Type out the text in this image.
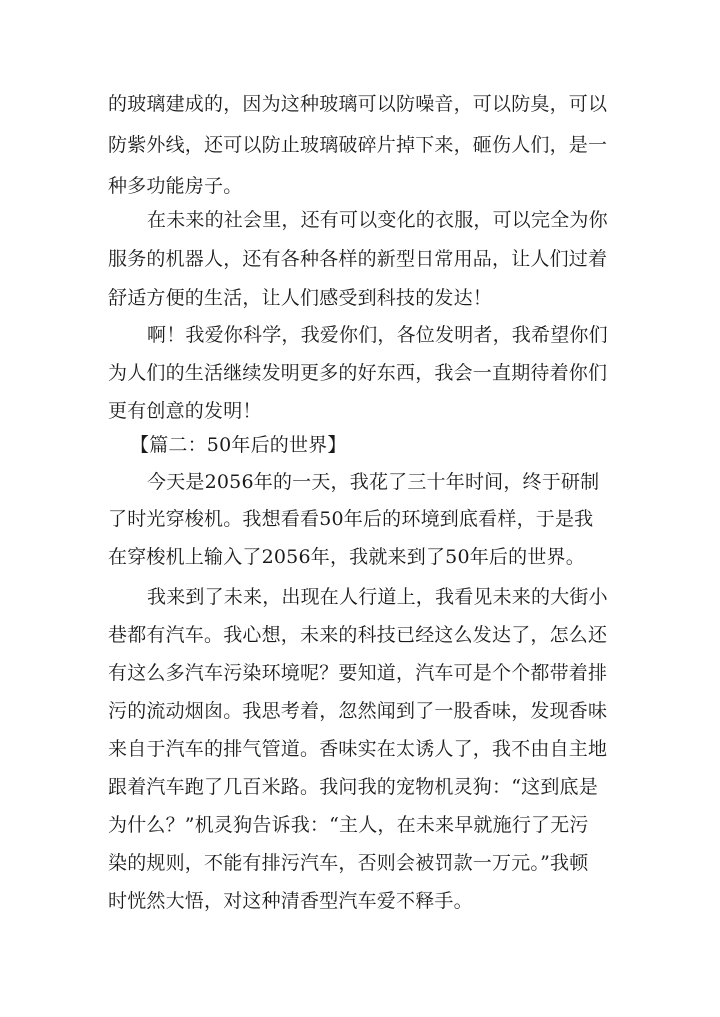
的玻璃建成的，因为这种玻璃可以防噪音，可以防臭，可以
防紫外线，还可以防止玻璃破碎片掉下来，砸伤人们，是一
种多功能房子。
在未来的社会里，还有可以变化的衣服，可以完全为你
服务的机器人，还有各种各样的新型日常用品，让人们过着
舒适方便的生活，让人们感受到科技的发达！
啊！我爱你科学，我爱你们，各位发明者，我希望你们
为人们的生活继续发明更多的好东西，我会一直期待着你们
更有创意的发明！
【篇二：50年后的世界】
今天是2056年的一天，我花了三十年时间，终于研制
了时光穿梭机。我想看看50年后的环境到底看样，于是我
在穿梭机上输入了2056年，我就来到了50年后的世界。
我来到了未来，出现在人行道上，我看见未来的大街小
巷都有汽车。我心想，未来的科技已经这么发达了，怎么还
有这么多汽车污染环境呢？要知道，汽车可是个个都带着排
污的流动烟囱。我思考着，忽然闻到了一股香味，发现香味
来自于汽车的排气管道。香味实在太诱人了，我不由自主地
跟着汽车跑了几百米路。我问我的宠物机灵狗：“这到底是
为什么？”机灵狗告诉我：“主人，在未来早就施行了无污
染的规则，不能有排污汽车，否则会被罚款一万元。”我顿
时恍然大悟，对这种清香型汽车爱不释手。
